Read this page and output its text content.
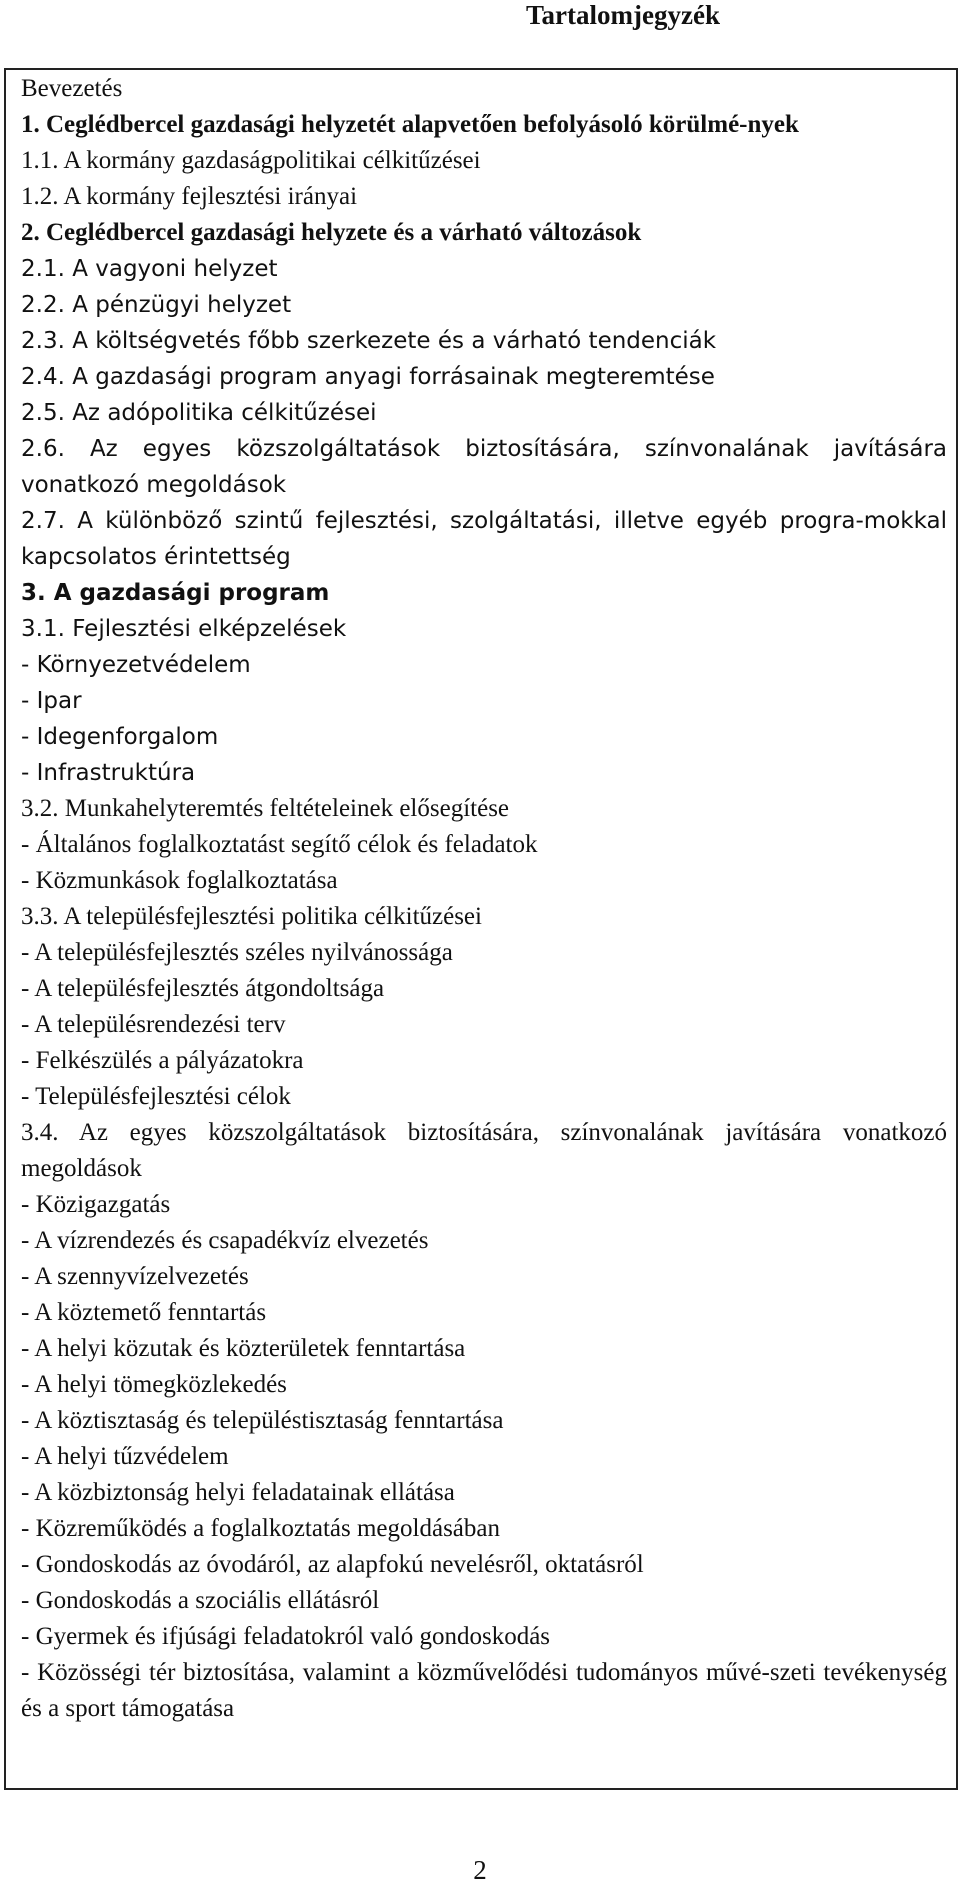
Tartalomjegyzék
Bevezetés
1. Ceglédbercel gazdasági helyzetét alapvetően befolyásoló körülmé-nyek
1.1. A kormány gazdaságpolitikai célkitűzései
1.2. A kormány fejlesztési irányai
2. Ceglédbercel gazdasági helyzete és a várható változások
2.1. A vagyoni helyzet
2.2. A pénzügyi helyzet
2.3. A költségvetés főbb szerkezete és a várható tendenciák
2.4. A gazdasági program anyagi forrásainak megteremtése
2.5. Az adópolitika célkitűzései
2.6. Az egyes közszolgáltatások biztosítására, színvonalának javítására vonatkozó megoldások
2.7. A különböző szintű fejlesztési, szolgáltatási, illetve egyéb progra-mokkal kapcsolatos érintettség
3. A gazdasági program
3.1. Fejlesztési elképzelések
- Környezetvédelem
- Ipar
- Idegenforgalom
- Infrastruktúra
3.2. Munkahelyteremtés feltételeinek elősegítése
- Általános foglalkoztatást segítő célok és feladatok
- Közmunkások foglalkoztatása
3.3. A településfejlesztési politika célkitűzései
- A településfejlesztés széles nyilvánossága
- A településfejlesztés átgondoltsága
- A településrendezési terv
- Felkészülés a pályázatokra
- Településfejlesztési célok
3.4. Az egyes közszolgáltatások biztosítására, színvonalának javítására vonatkozó megoldások
- Közigazgatás
- A vízrendezés és csapadékvíz elvezetés
- A szennyvízelvezetés
- A köztemető fenntartás
- A helyi közutak és közterületek fenntartása
- A helyi tömegközlekedés
- A köztisztaság és településtisztaság fenntartása
- A helyi tűzvédelem
- A közbiztonság helyi feladatainak ellátása
- Közreműködés a foglalkoztatás megoldásában
- Gondoskodás az óvodáról, az alapfokú nevelésről, oktatásról
- Gondoskodás a szociális ellátásról
- Gyermek és ifjúsági feladatokról való gondoskodás
- Közösségi tér biztosítása, valamint a közművelődési tudományos művé-szeti tevékenység és a sport támogatása
2
